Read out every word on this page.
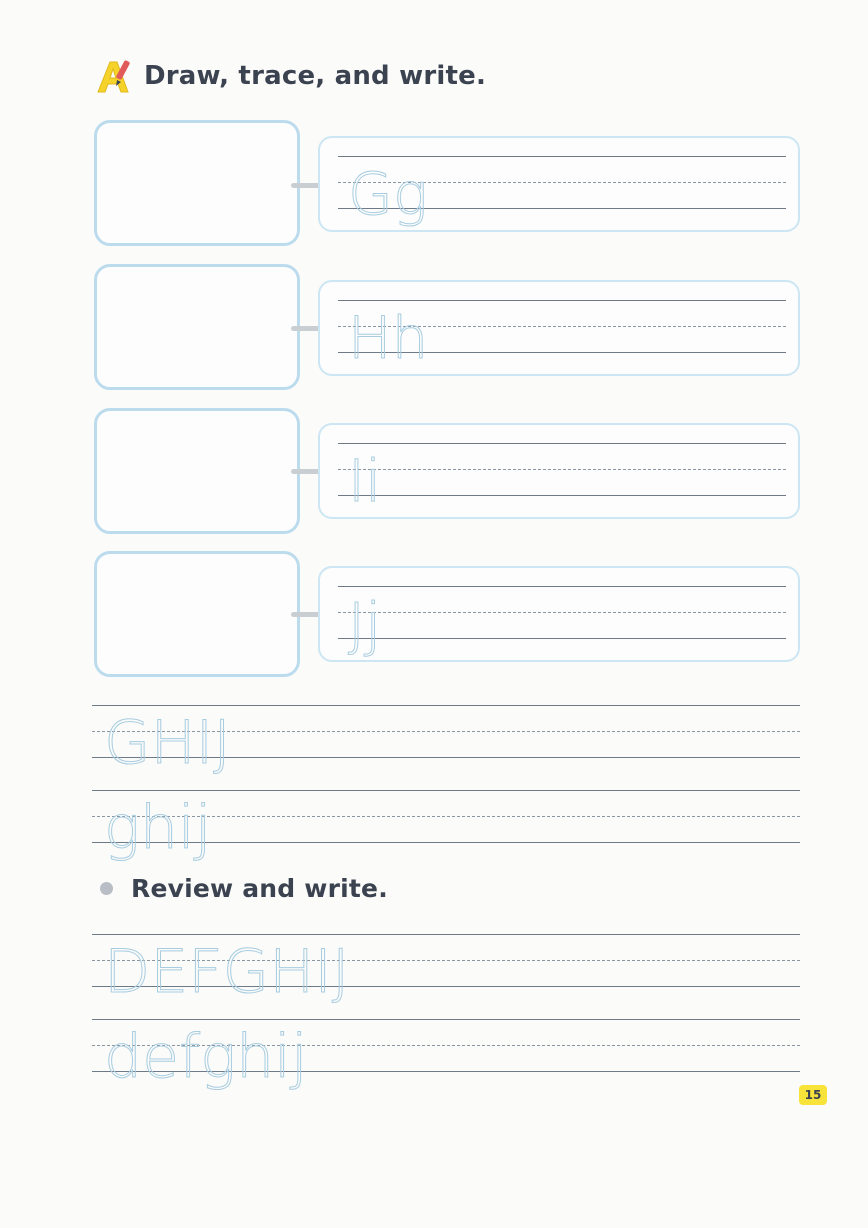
Draw, trace, and write.
Gg
Hh
Ii
Jj
GHIJ
ghij
Review and write.
DEFGHIJ
defghij
15
